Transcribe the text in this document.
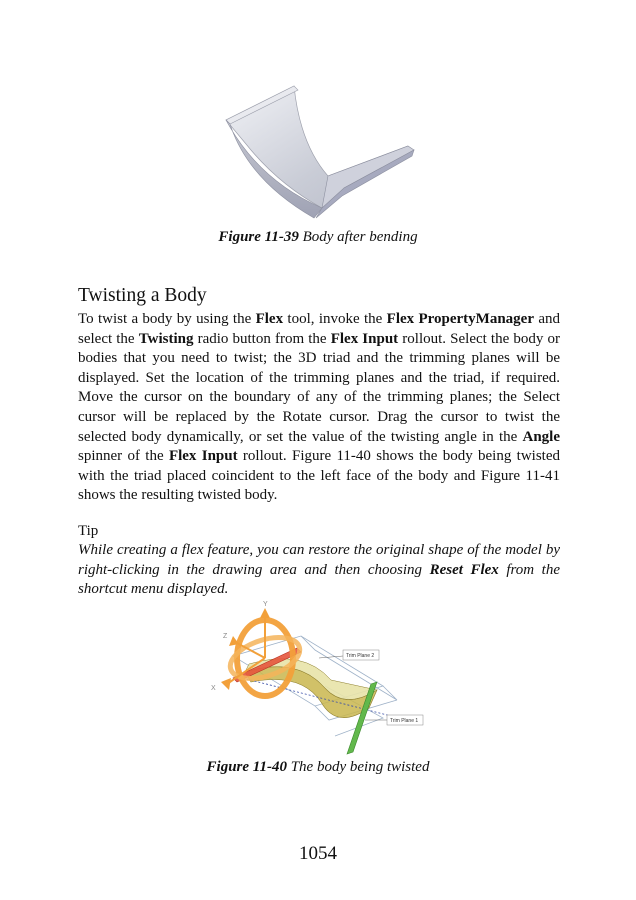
Figure 11-39 Body after bending
Twisting a Body

To twist a body by using the Flex tool, invoke the Flex PropertyManager and select the Twisting radio button from the Flex Input rollout. Select the body or bodies that you need to twist; the 3D triad and the trimming planes will be displayed. Set the location of the trimming planes and the triad, if required. Move the cursor on the boundary of any of the trimming planes; the Select cursor will be replaced by the Rotate cursor. Drag the cursor to twist the selected body dynamically, or set the value of the twisting angle in the Angle spinner of the Flex Input rollout. Figure 11-40 shows the body being twisted with the triad placed coincident to the left face of the body and Figure 11-41 shows the resulting twisted body.

Tip

While creating a flex feature, you can restore the original shape of the model by right-clicking in the drawing area and then choosing Reset Flex from the shortcut menu displayed.

Y
Z
X
Trim Plane 2
Trim Plane 1
Figure 11-40 The body being twisted
1054
